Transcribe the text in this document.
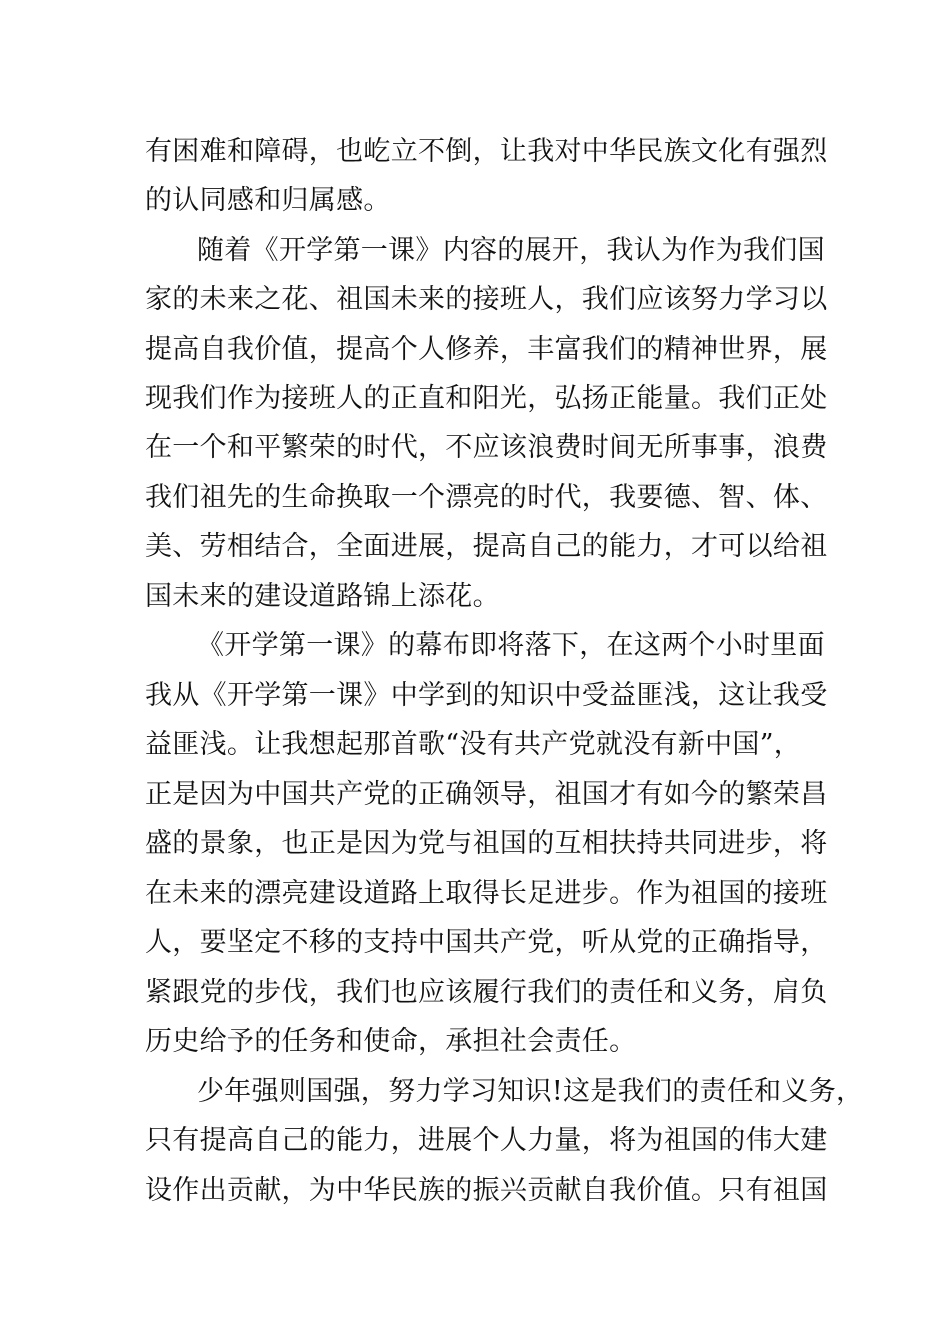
有困难和障碍，也屹立不倒，让我对中华民族文化有强烈
的认同感和归属感。
随着《开学第一课》内容的展开，我认为作为我们国
家的未来之花、祖国未来的接班人，我们应该努力学习以
提高自我价值，提高个人修养，丰富我们的精神世界，展
现我们作为接班人的正直和阳光，弘扬正能量。我们正处
在一个和平繁荣的时代，不应该浪费时间无所事事，浪费
我们祖先的生命换取一个漂亮的时代，我要德、智、体、
美、劳相结合，全面进展，提高自己的能力，才可以给祖
国未来的建设道路锦上添花。
《开学第一课》的幕布即将落下，在这两个小时里面
我从《开学第一课》中学到的知识中受益匪浅，这让我受
益匪浅。让我想起那首歌“没有共产党就没有新中国”，
正是因为中国共产党的正确领导，祖国才有如今的繁荣昌
盛的景象，也正是因为党与祖国的互相扶持共同进步，将
在未来的漂亮建设道路上取得长足进步。作为祖国的接班
人，要坚定不移的支持中国共产党，听从党的正确指导，
紧跟党的步伐，我们也应该履行我们的责任和义务，肩负
历史给予的任务和使命，承担社会责任。
少年强则国强，努力学习知识!这是我们的责任和义务，
只有提高自己的能力，进展个人力量，将为祖国的伟大建
设作出贡献，为中华民族的振兴贡献自我价值。只有祖国
